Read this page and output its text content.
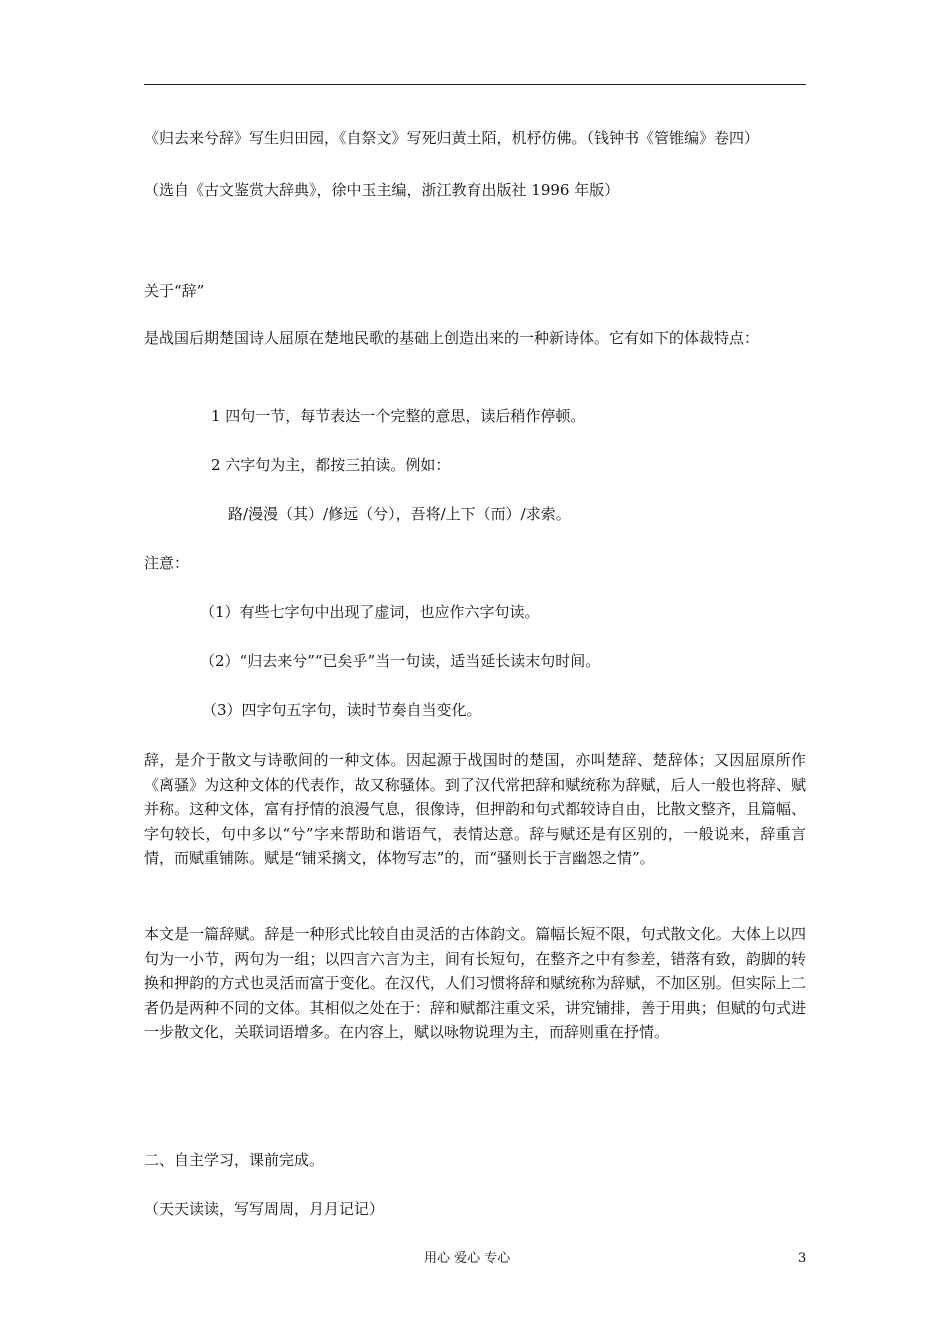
《归去来兮辞》写生归田园，《自祭文》写死归黄土陌，机杼仿佛。（钱钟书《管锥编》卷四）
（选自《古文鉴赏大辞典》，徐中玉主编，浙江教育出版社 1996 年版）
关于“辞”
是战国后期楚国诗人屈原在楚地民歌的基础上创造出来的一种新诗体。它有如下的体裁特点：
1 四句一节，每节表达一个完整的意思，读后稍作停顿。
2 六字句为主，都按三拍读。例如：
路/漫漫（其）/修远（兮），吾将/上下（而）/求索。
注意：
（1）有些七字句中出现了虚词，也应作六字句读。
（2）“归去来兮”“已矣乎”当一句读，适当延长读末句时间。
（3）四字句五字句，读时节奏自当变化。
辞，是介于散文与诗歌间的一种文体。因起源于战国时的楚国，亦叫楚辞、楚辞体；又因屈原所作《离骚》为这种文体的代表作，故又称骚体。到了汉代常把辞和赋统称为辞赋，后人一般也将辞、赋并称。这种文体，富有抒情的浪漫气息，很像诗，但押韵和句式都较诗自由，比散文整齐，且篇幅、字句较长，句中多以“兮”字来帮助和谐语气，表情达意。辞与赋还是有区别的，一般说来，辞重言情，而赋重铺陈。赋是“铺采摛文，体物写志”的，而“骚则长于言幽怨之情”。
本文是一篇辞赋。辞是一种形式比较自由灵活的古体韵文。篇幅长短不限，句式散文化。大体上以四句为一小节，两句为一组；以四言六言为主，间有长短句，在整齐之中有参差，错落有致，韵脚的转换和押韵的方式也灵活而富于变化。在汉代，人们习惯将辞和赋统称为辞赋，不加区别。但实际上二者仍是两种不同的文体。其相似之处在于：辞和赋都注重文采，讲究铺排，善于用典；但赋的句式进一步散文化，关联词语增多。在内容上，赋以咏物说理为主，而辞则重在抒情。
二、自主学习，课前完成。
（天天读读，写写周周，月月记记）
用心 爱心 专心	3
